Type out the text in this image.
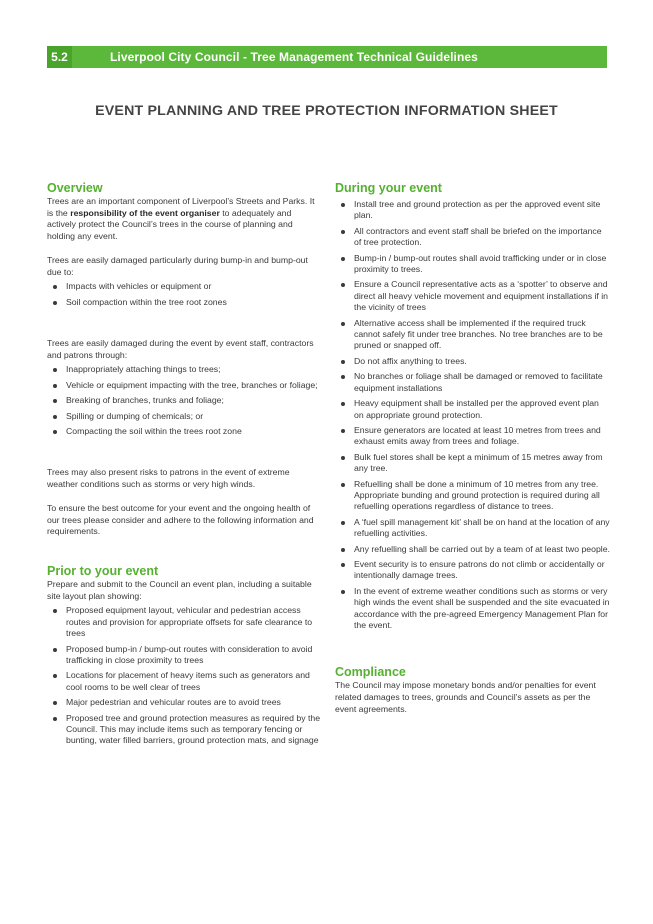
5.2	Liverpool City Council - Tree Management Technical Guidelines
EVENT PLANNING AND TREE PROTECTION INFORMATION SHEET
Overview

Trees are an important component of Liverpool’s Streets and Parks. It is the responsibility of the event organiser to adequately and actively protect the Council’s trees in the course of planning and holding any event.

Trees are easily damaged particularly during bump-in and bump-out due to:

Impacts with vehicles or equipment or
Soil compaction within the tree root zones

Trees are easily damaged during the event by event staff, contractors and patrons through:

Inappropriately attaching things to trees;
Vehicle or equipment impacting with the tree, branches or foliage;
Breaking of branches, trunks and foliage;
Spilling or dumping of chemicals; or
Compacting the soil within the trees root zone

Trees may also present risks to patrons in the event of extreme weather conditions such as storms or very high winds.

To ensure the best outcome for your event and the ongoing health of our trees please consider and adhere to the following information and requirements.

Prior to your event

Prepare and submit to the Council an event plan, including a suitable site layout plan showing:

Proposed equipment layout, vehicular and pedestrian access routes and provision for appropriate offsets for safe clearance to trees
Proposed bump-in / bump-out routes with consideration to avoid trafficking in close proximity to trees
Locations for placement of heavy items such as generators and cool rooms to be well clear of trees
Major pedestrian and vehicular routes are to avoid trees
Proposed tree and ground protection measures as required by the Council. This may include items such as temporary fencing or bunting, water filled barriers, ground protection mats, and signage
During your event
Install tree and ground protection as per the approved event site plan.
All contractors and event staff shall be briefed on the importance of tree protection.
Bump-in / bump-out routes shall avoid trafficking under or in close proximity to trees.
Ensure a Council representative acts as a ‘spotter’ to observe and direct all heavy vehicle movement and equipment installations if in the vicinity of trees
Alternative access shall be implemented if the required truck cannot safely fit under tree branches. No tree branches are to be pruned or snapped off.
Do not affix anything to trees.
No branches or foliage shall be damaged or removed to facilitate equipment installations
Heavy equipment shall be installed per the approved event plan on appropriate ground protection.
Ensure generators are located at least 10 metres from trees and exhaust emits away from trees and foliage.
Bulk fuel stores shall be kept a minimum of 15 metres away from any tree.
Refuelling shall be done a minimum of 10 metres from any tree. Appropriate bunding and ground protection is required during all refuelling operations regardless of distance to trees.
A ‘fuel spill management kit’ shall be on hand at the location of any refuelling activities.
Any refuelling shall be carried out by a team of at least two people.
Event security is to ensure patrons do not climb or accidentally or intentionally damage trees.
In the event of extreme weather conditions such as storms or very high winds the event shall be suspended and the site evacuated in accordance with the pre-agreed Emergency Management Plan for the event.
Compliance

The Council may impose monetary bonds and/or penalties for event related damages to trees, grounds and Council’s assets as per the event agreements.
